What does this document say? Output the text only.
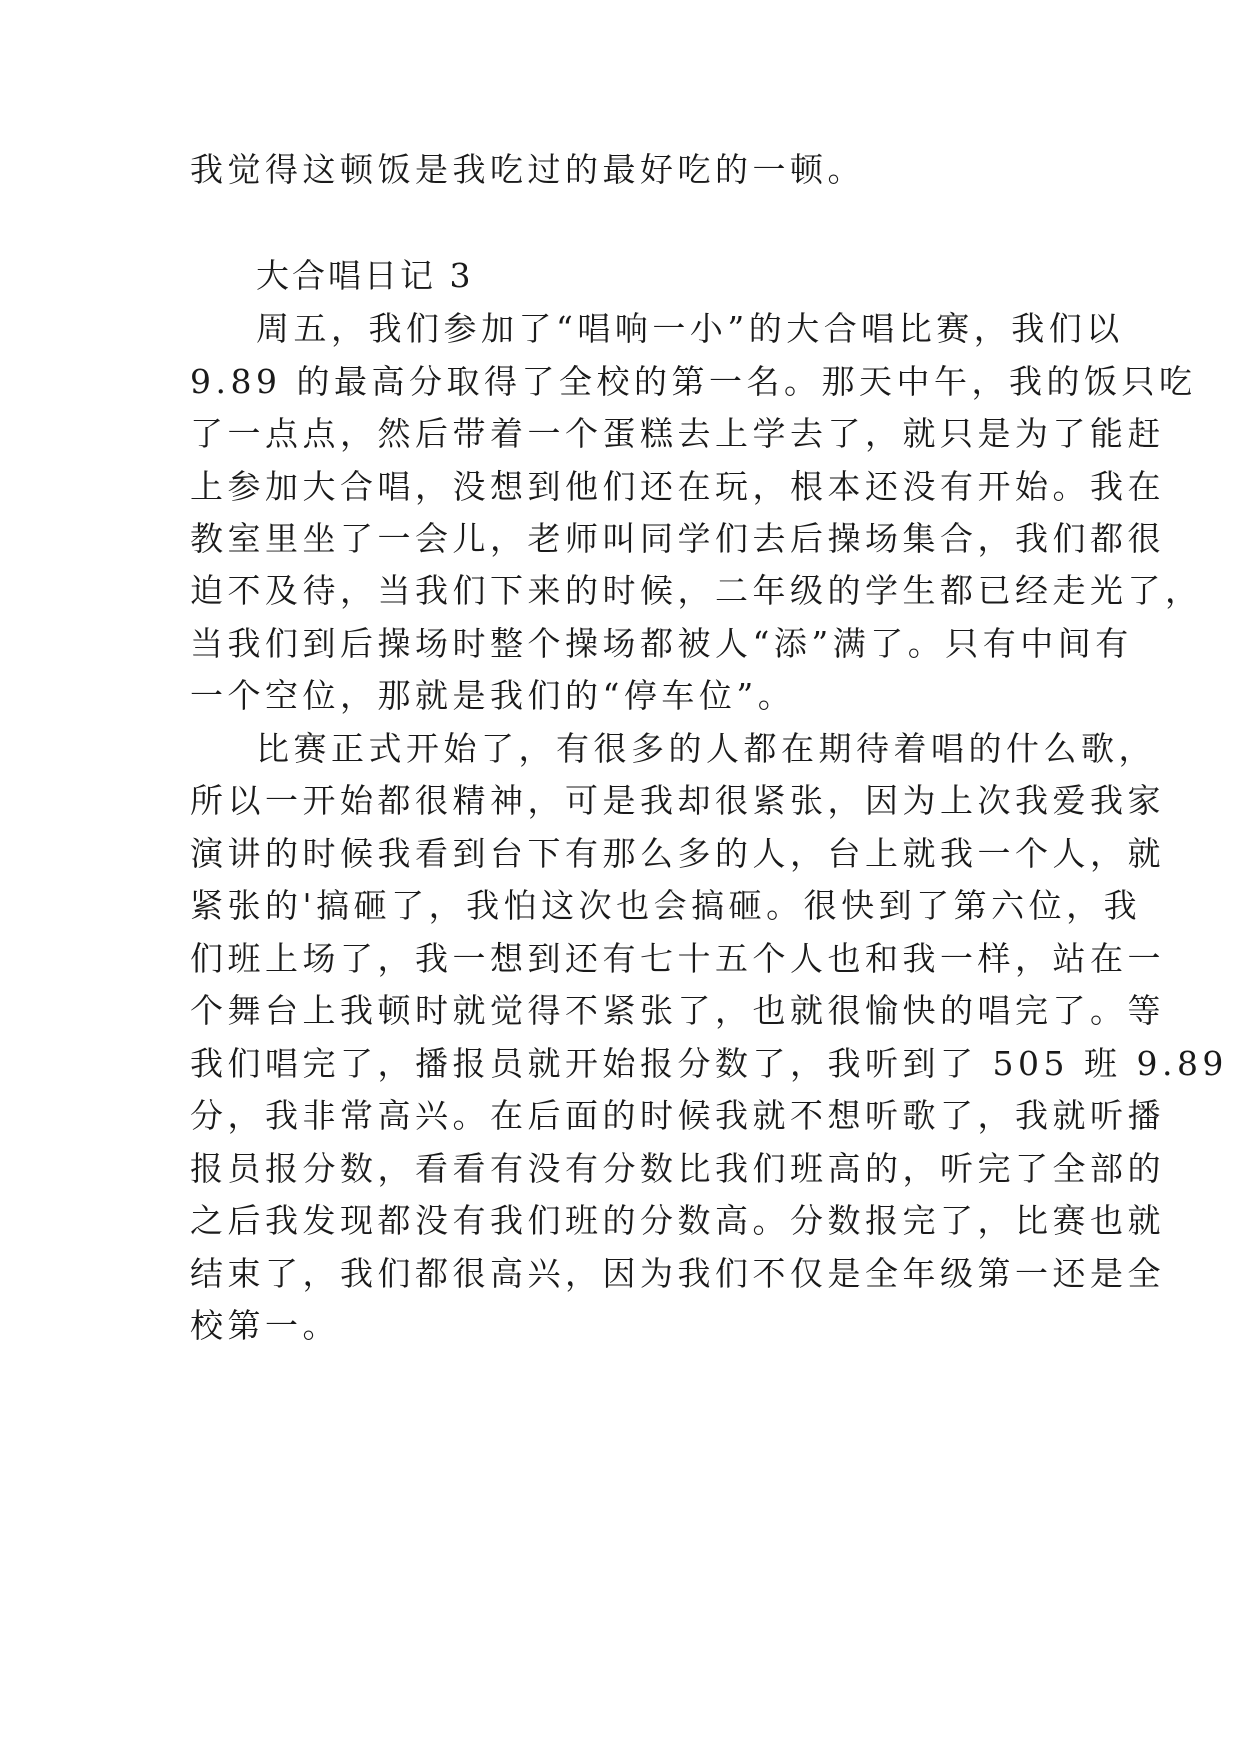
我觉得这顿饭是我吃过的最好吃的一顿。
大合唱日记 3
周五，我们参加了“唱响一小”的大合唱比赛，我们以
9.89 的最高分取得了全校的第一名。那天中午，我的饭只吃
了一点点，然后带着一个蛋糕去上学去了，就只是为了能赶
上参加大合唱，没想到他们还在玩，根本还没有开始。我在
教室里坐了一会儿，老师叫同学们去后操场集合，我们都很
迫不及待，当我们下来的时候，二年级的学生都已经走光了，
当我们到后操场时整个操场都被人“添”满了。只有中间有
一个空位，那就是我们的“停车位”。
比赛正式开始了，有很多的人都在期待着唱的什么歌，
所以一开始都很精神，可是我却很紧张，因为上次我爱我家
演讲的时候我看到台下有那么多的人，台上就我一个人，就
紧张的'搞砸了，我怕这次也会搞砸。很快到了第六位，我
们班上场了，我一想到还有七十五个人也和我一样，站在一
个舞台上我顿时就觉得不紧张了，也就很愉快的唱完了。等
我们唱完了，播报员就开始报分数了，我听到了 505 班 9.89
分，我非常高兴。在后面的时候我就不想听歌了，我就听播
报员报分数，看看有没有分数比我们班高的，听完了全部的
之后我发现都没有我们班的分数高。分数报完了，比赛也就
结束了，我们都很高兴，因为我们不仅是全年级第一还是全
校第一。
